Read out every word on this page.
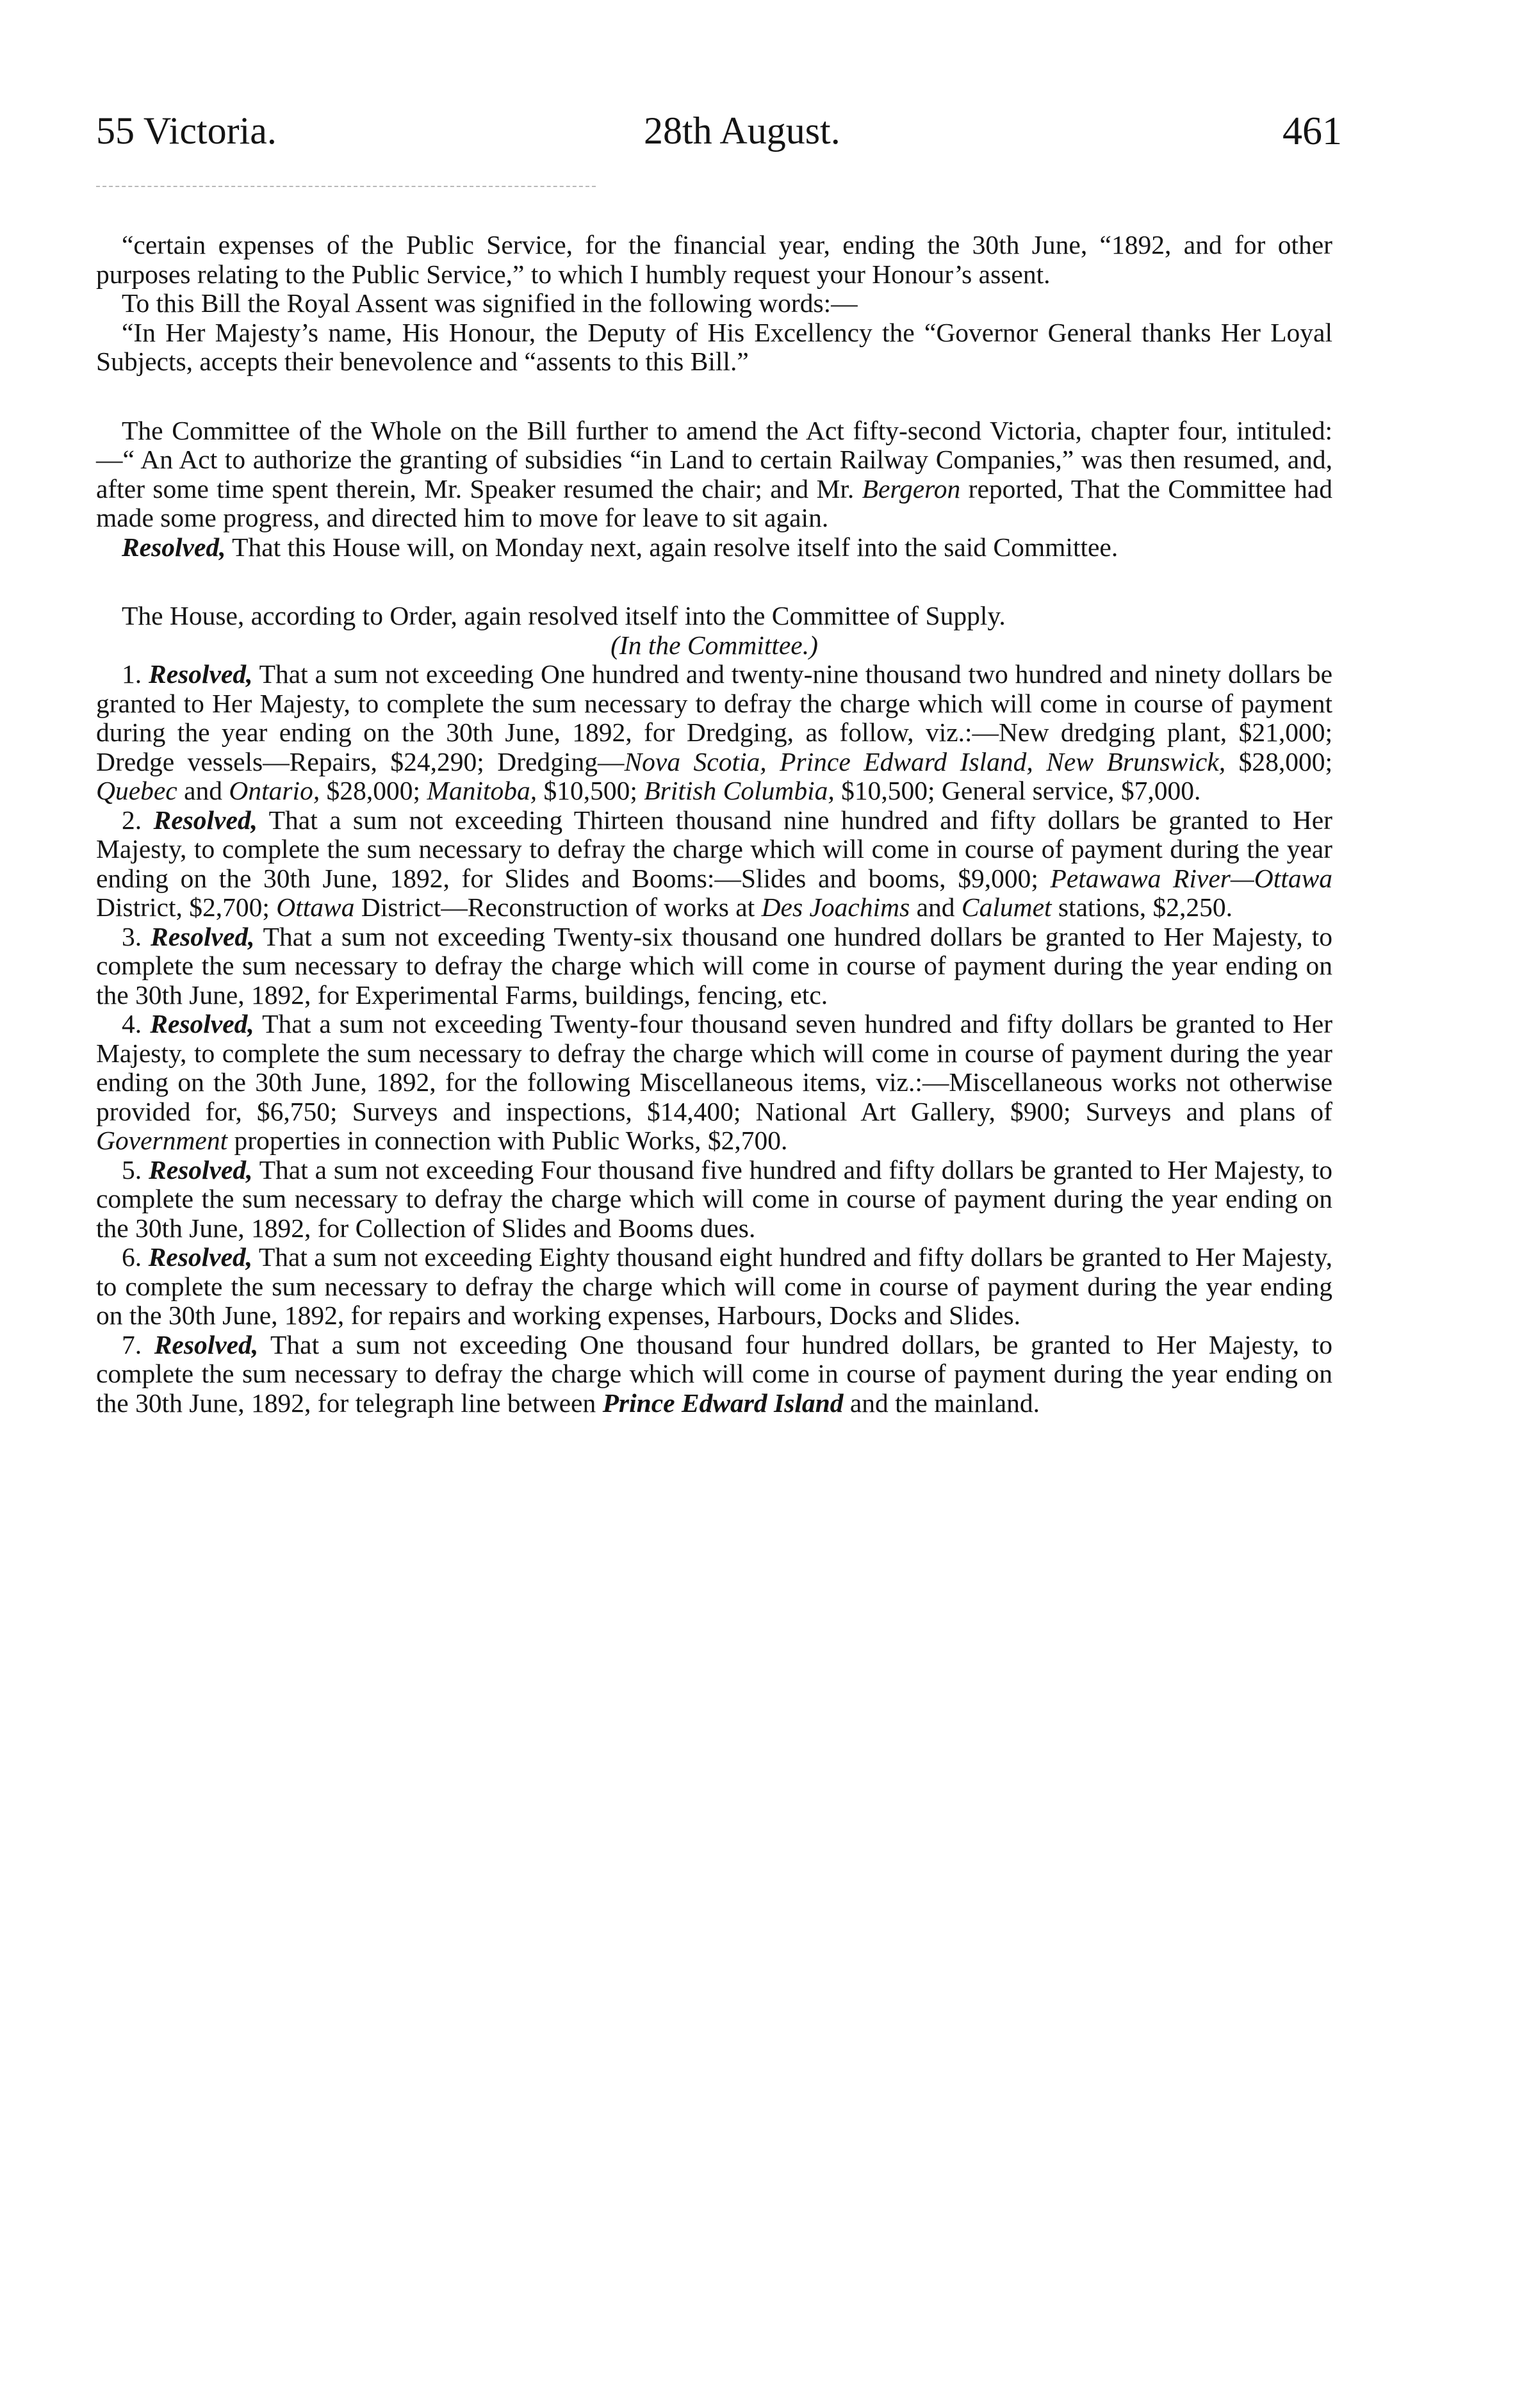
55 Victoria.	28th August.	461

“certain expenses of the Public Service, for the financial year, ending the 30th June, “1892, and for other purposes relating to the Public Service,” to which I humbly request your Honour’s assent.

To this Bill the Royal Assent was signified in the following words:—

“In Her Majesty’s name, His Honour, the Deputy of His Excellency the “Governor General thanks Her Loyal Subjects, accepts their benevolence and “assents to this Bill.”

The Committee of the Whole on the Bill further to amend the Act fifty-second Victoria, chapter four, intituled:—“ An Act to authorize the granting of subsidies “in Land to certain Railway Companies,” was then resumed, and, after some time spent therein, Mr. Speaker resumed the chair; and Mr. Bergeron reported, That the Committee had made some progress, and directed him to move for leave to sit again.

Resolved, That this House will, on Monday next, again resolve itself into the said Committee.

The House, according to Order, again resolved itself into the Committee of Supply.

(In the Committee.)

1. Resolved, That a sum not exceeding One hundred and twenty-nine thousand two hundred and ninety dollars be granted to Her Majesty, to complete the sum necessary to defray the charge which will come in course of payment during the year ending on the 30th June, 1892, for Dredging, as follow, viz.:—New dredging plant, $21,000; Dredge vessels—Repairs, $24,290; Dredging—Nova Scotia, Prince Edward Island, New Brunswick, $28,000; Quebec and Ontario, $28,000; Manitoba, $10,500; British Columbia, $10,500; General service, $7,000.

2. Resolved, That a sum not exceeding Thirteen thousand nine hundred and fifty dollars be granted to Her Majesty, to complete the sum necessary to defray the charge which will come in course of payment during the year ending on the 30th June, 1892, for Slides and Booms:—Slides and booms, $9,000; Petawawa River—Ottawa District, $2,700; Ottawa District—Reconstruction of works at Des Joachims and Calumet stations, $2,250.

3. Resolved, That a sum not exceeding Twenty-six thousand one hundred dollars be granted to Her Majesty, to complete the sum necessary to defray the charge which will come in course of payment during the year ending on the 30th June, 1892, for Experimental Farms, buildings, fencing, etc.

4. Resolved, That a sum not exceeding Twenty-four thousand seven hundred and fifty dollars be granted to Her Majesty, to complete the sum necessary to defray the charge which will come in course of payment during the year ending on the 30th June, 1892, for the following Miscellaneous items, viz.:—Miscellaneous works not otherwise provided for, $6,750; Surveys and inspections, $14,400; National Art Gallery, $900; Surveys and plans of Government properties in connection with Public Works, $2,700.

5. Resolved, That a sum not exceeding Four thousand five hundred and fifty dollars be granted to Her Majesty, to complete the sum necessary to defray the charge which will come in course of payment during the year ending on the 30th June, 1892, for Collection of Slides and Booms dues.

6. Resolved, That a sum not exceeding Eighty thousand eight hundred and fifty dollars be granted to Her Majesty, to complete the sum necessary to defray the charge which will come in course of payment during the year ending on the 30th June, 1892, for repairs and working expenses, Harbours, Docks and Slides.

7. Resolved, That a sum not exceeding One thousand four hundred dollars, be granted to Her Majesty, to complete the sum necessary to defray the charge which will come in course of payment during the year ending on the 30th June, 1892, for telegraph line between Prince Edward Island and the mainland.
